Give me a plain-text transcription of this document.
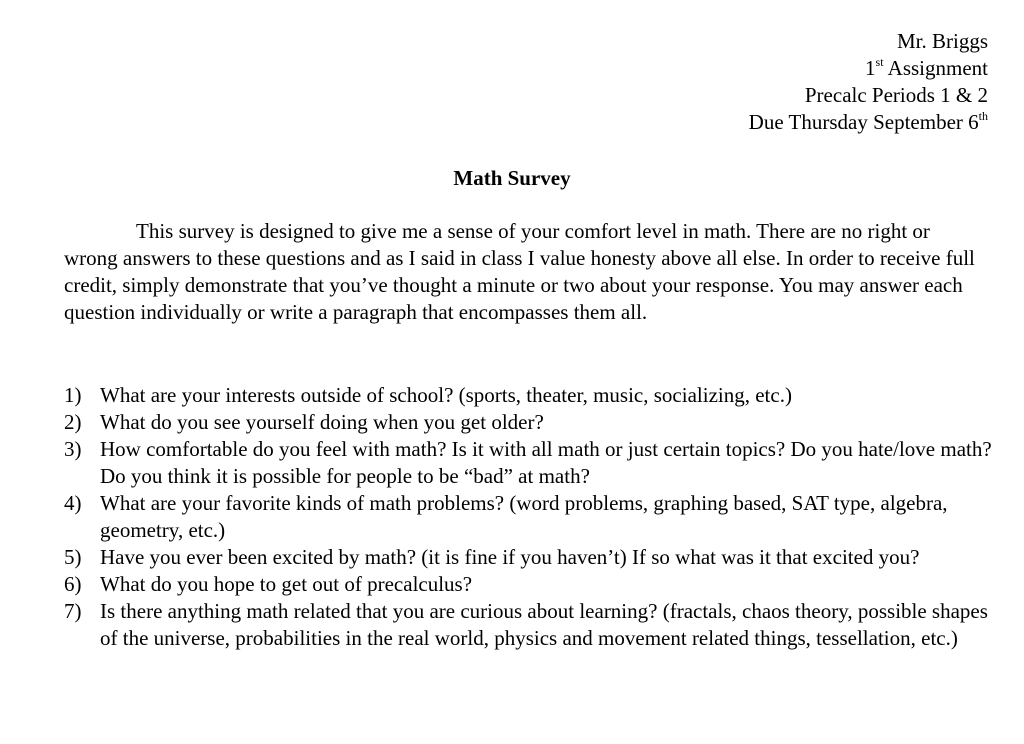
Mr. Briggs
1st Assignment
Precalc Periods 1 & 2
Due Thursday September 6th
Math Survey

This survey is designed to give me a sense of your comfort level in math. There are no right or wrong answers to these questions and as I said in class I value honesty above all else. In order to receive full credit, simply demonstrate that you’ve thought a minute or two about your response. You may answer each question individually or write a paragraph that encompasses them all.

1) What are your interests outside of school? (sports, theater, music, socializing, etc.)
2) What do you see yourself doing when you get older?
3) How comfortable do you feel with math? Is it with all math or just certain topics? Do you hate/love math? Do you think it is possible for people to be “bad” at math?
4) What are your favorite kinds of math problems? (word problems, graphing based, SAT type, algebra, geometry, etc.)
5) Have you ever been excited by math? (it is fine if you haven’t) If so what was it that excited you?
6) What do you hope to get out of precalculus?
7) Is there anything math related that you are curious about learning? (fractals, chaos theory, possible shapes of the universe, probabilities in the real world, physics and movement related things, tessellation, etc.)
